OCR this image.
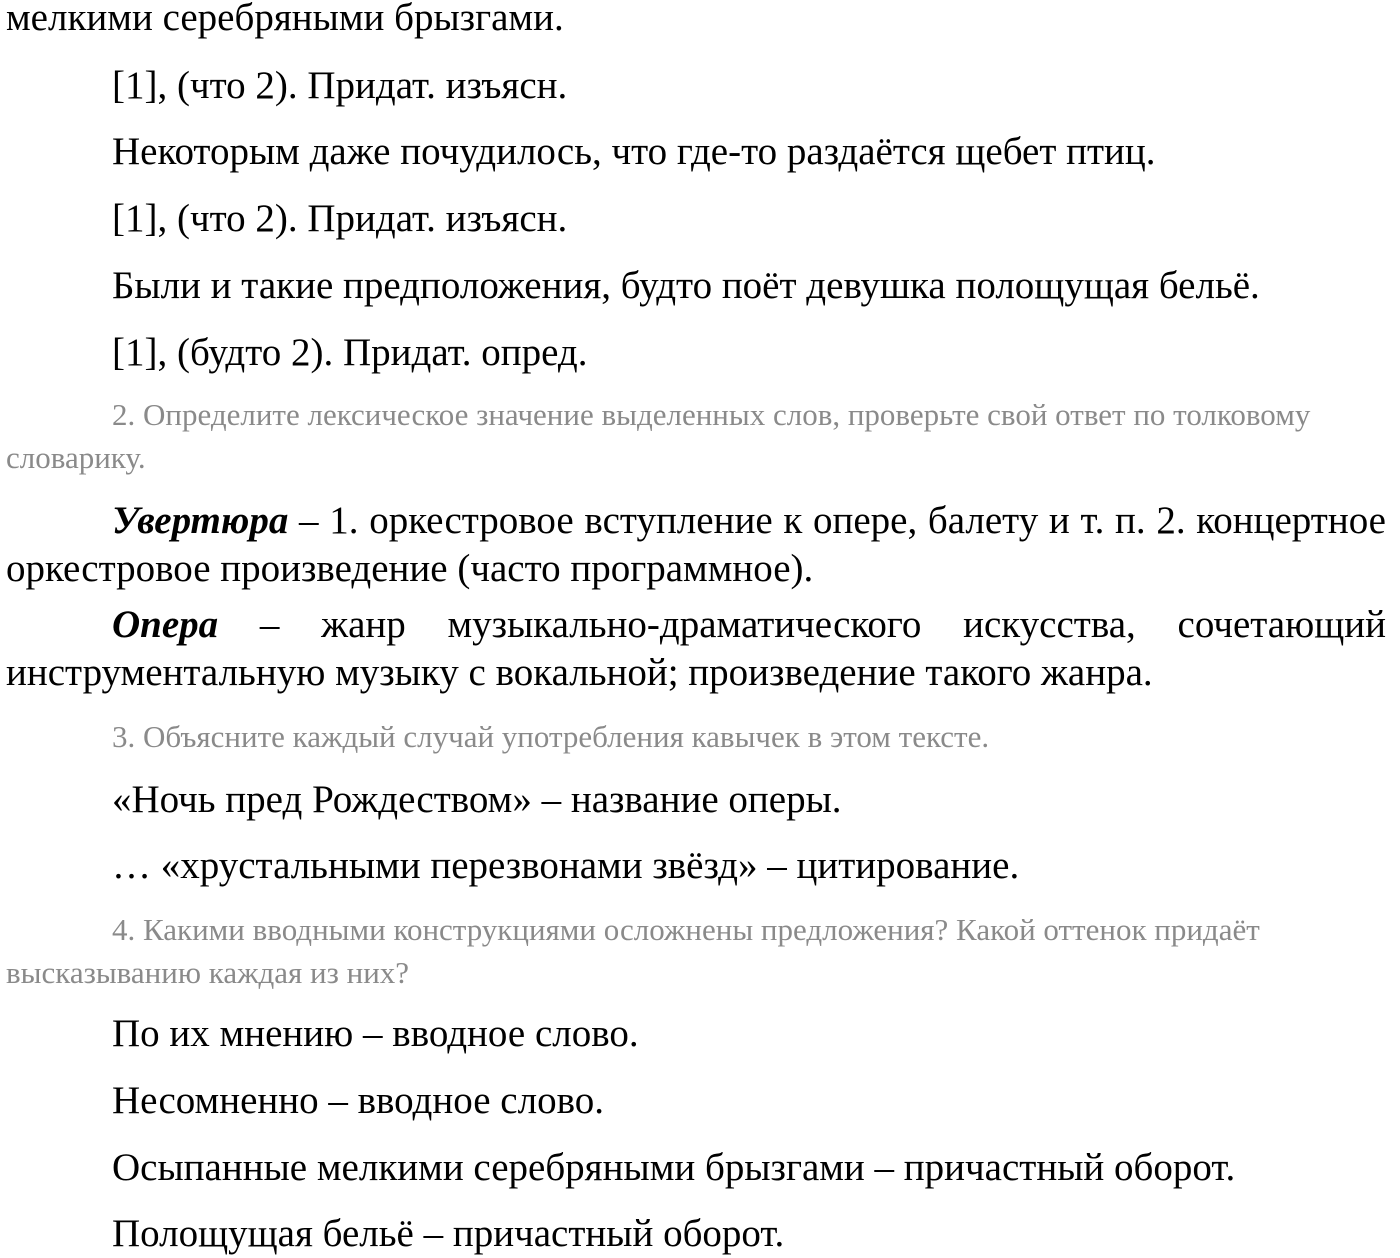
мелкими серебряными брызгами.
[1], (что 2). Придат. изъясн.
Некоторым даже почудилось, что где-то раздаётся щебет птиц.
[1], (что 2). Придат. изъясн.
Были и такие предположения, будто поёт девушка полощущая бельё.
[1], (будто 2). Придат. опред.
2. Определите лексическое значение выделенных слов, проверьте свой ответ по толковому словарику.
Увертюра – 1. оркестровое вступление к опере, балету и т. п. 2. концертное оркестровое произведение (часто программное).
Опера – жанр музыкально-драматического искусства, сочетающий инструментальную музыку с вокальной; произведение такого жанра.
3. Объясните каждый случай употребления кавычек в этом тексте.
«Ночь пред Рождеством» – название оперы.
… «хрустальными перезвонами звёзд» – цитирование.
4. Какими вводными конструкциями осложнены предложения? Какой оттенок придаёт высказыванию каждая из них?
По их мнению – вводное слово.
Несомненно – вводное слово.
Осыпанные мелкими серебряными брызгами – причастный оборот.
Полощущая бельё – причастный оборот.
